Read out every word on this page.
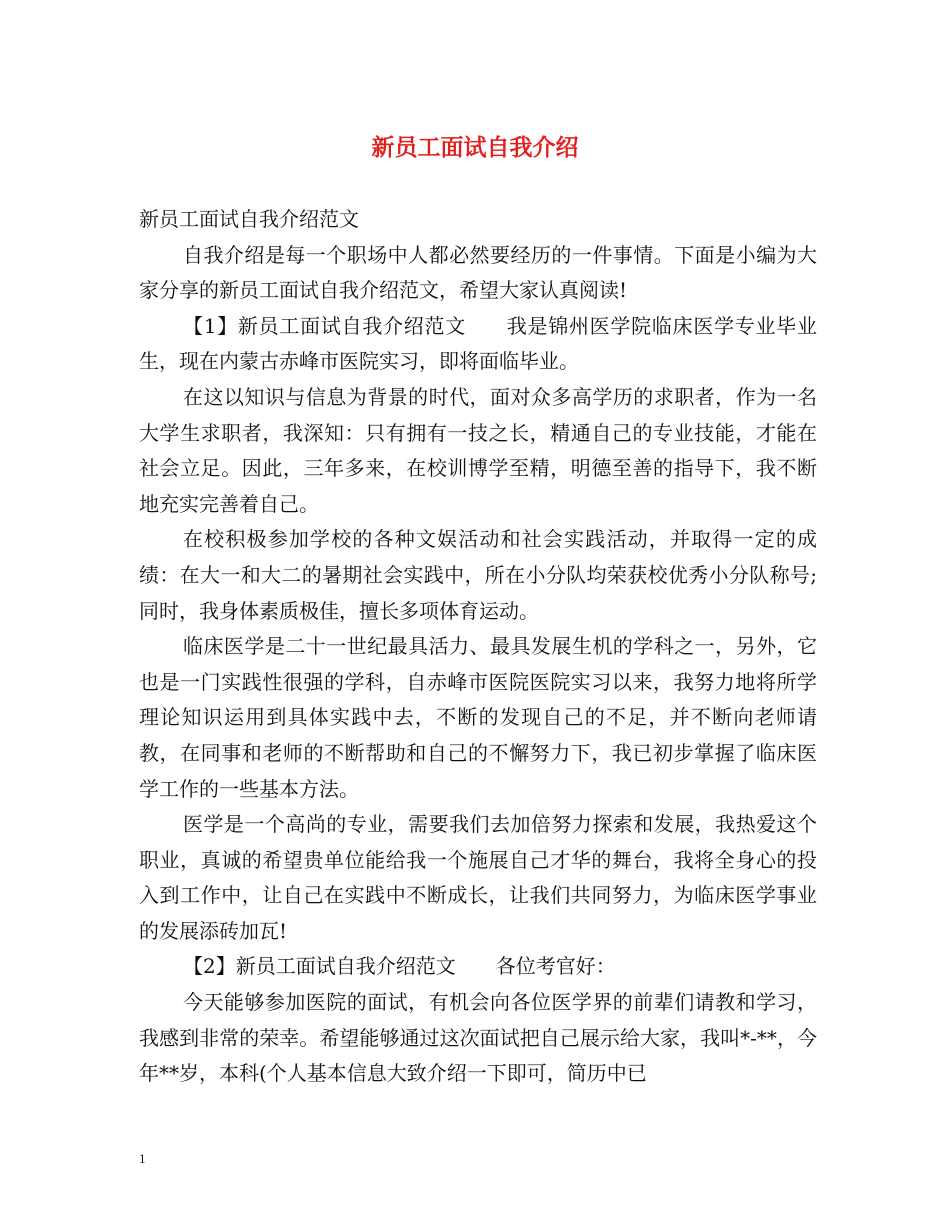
新员工面试自我介绍

新员工面试自我介绍范文

自我介绍是每一个职场中人都必然要经历的一件事情。下面是小编为大家分享的新员工面试自我介绍范文，希望大家认真阅读!

【1】新员工面试自我介绍范文 我是锦州医学院临床医学专业毕业生，现在内蒙古赤峰市医院实习，即将面临毕业。

在这以知识与信息为背景的时代，面对众多高学历的求职者，作为一名大学生求职者，我深知：只有拥有一技之长，精通自己的专业技能，才能在社会立足。因此，三年多来，在校训博学至精，明德至善的指导下，我不断地充实完善着自己。

在校积极参加学校的各种文娱活动和社会实践活动，并取得一定的成绩：在大一和大二的暑期社会实践中，所在小分队均荣获校优秀小分队称号;同时，我身体素质极佳，擅长多项体育运动。

临床医学是二十一世纪最具活力、最具发展生机的学科之一，另外，它也是一门实践性很强的学科，自赤峰市医院医院实习以来，我努力地将所学理论知识运用到具体实践中去，不断的发现自己的不足，并不断向老师请教，在同事和老师的不断帮助和自己的不懈努力下，我已初步掌握了临床医学工作的一些基本方法。

医学是一个高尚的专业，需要我们去加倍努力探索和发展，我热爱这个职业，真诚的希望贵单位能给我一个施展自己才华的舞台，我将全身心的投入到工作中，让自己在实践中不断成长，让我们共同努力，为临床医学事业的发展添砖加瓦!

【2】新员工面试自我介绍范文 各位考官好：

今天能够参加医院的面试，有机会向各位医学界的前辈们请教和学习，我感到非常的荣幸。希望能够通过这次面试把自己展示给大家，我叫*-**，今年**岁，本科(个人基本信息大致介绍一下即可，简历中已

1
